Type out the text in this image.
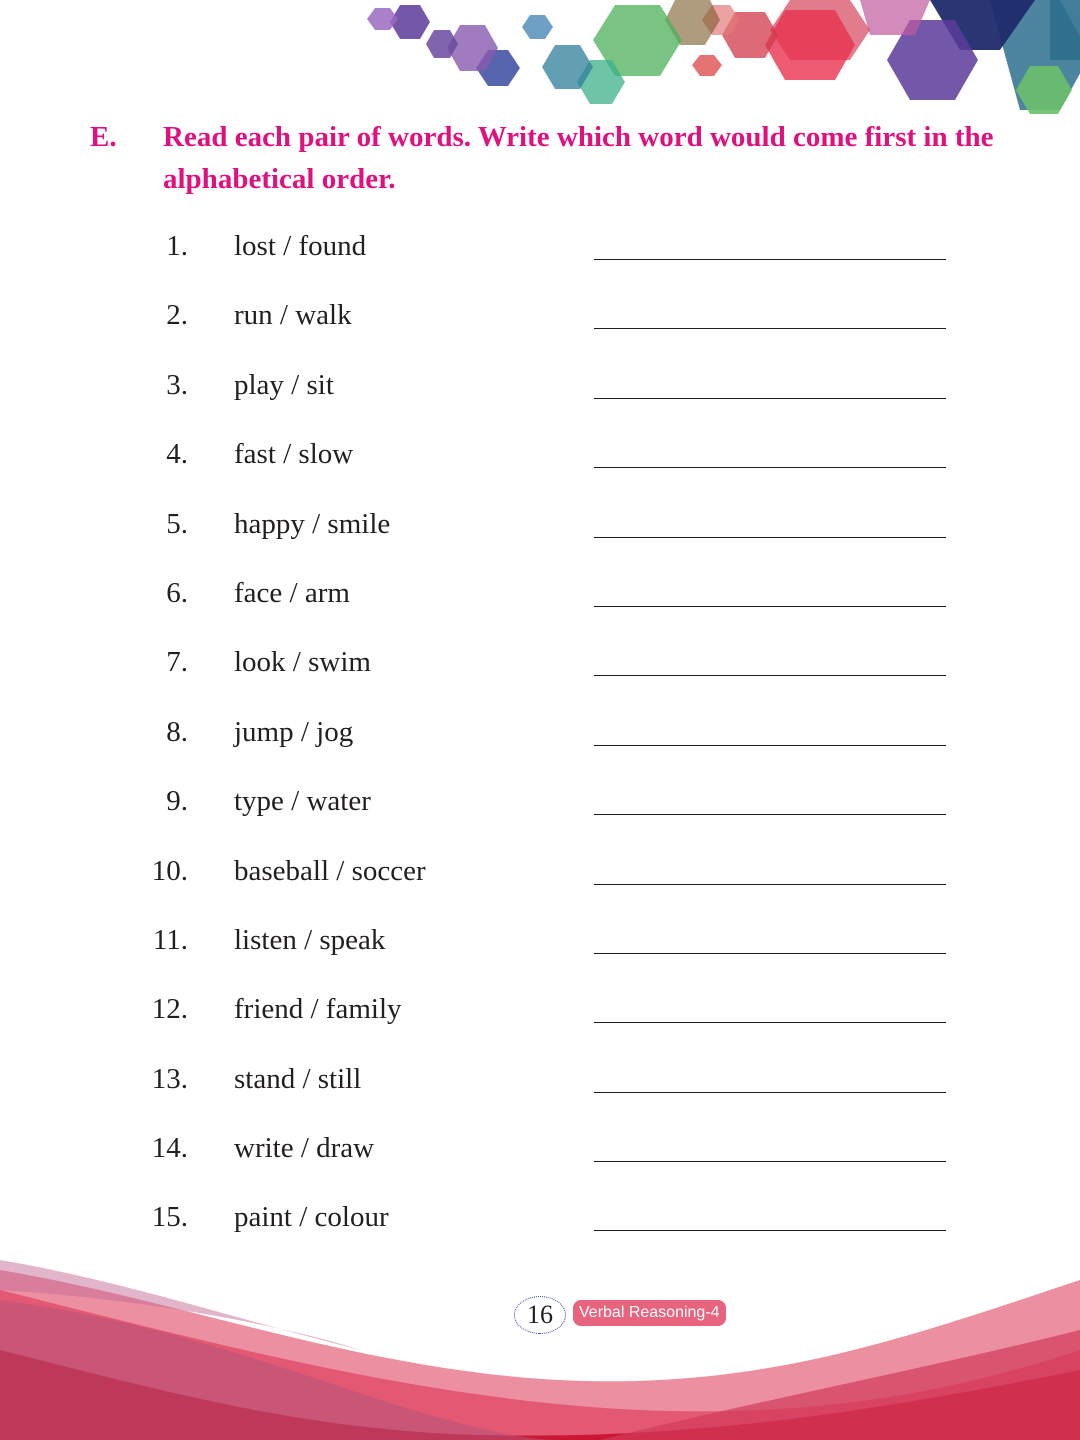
E. Read each pair of words. Write which word would come first in the alphabetical order.
1. lost / found
2. run / walk
3. play / sit
4. fast / slow
5. happy / smile
6. face / arm
7. look / swim
8. jump / jog
9. type / water
10. baseball / soccer
11. listen / speak
12. friend / family
13. stand / still
14. write / draw
15. paint / colour
16	Verbal Reasoning-4
